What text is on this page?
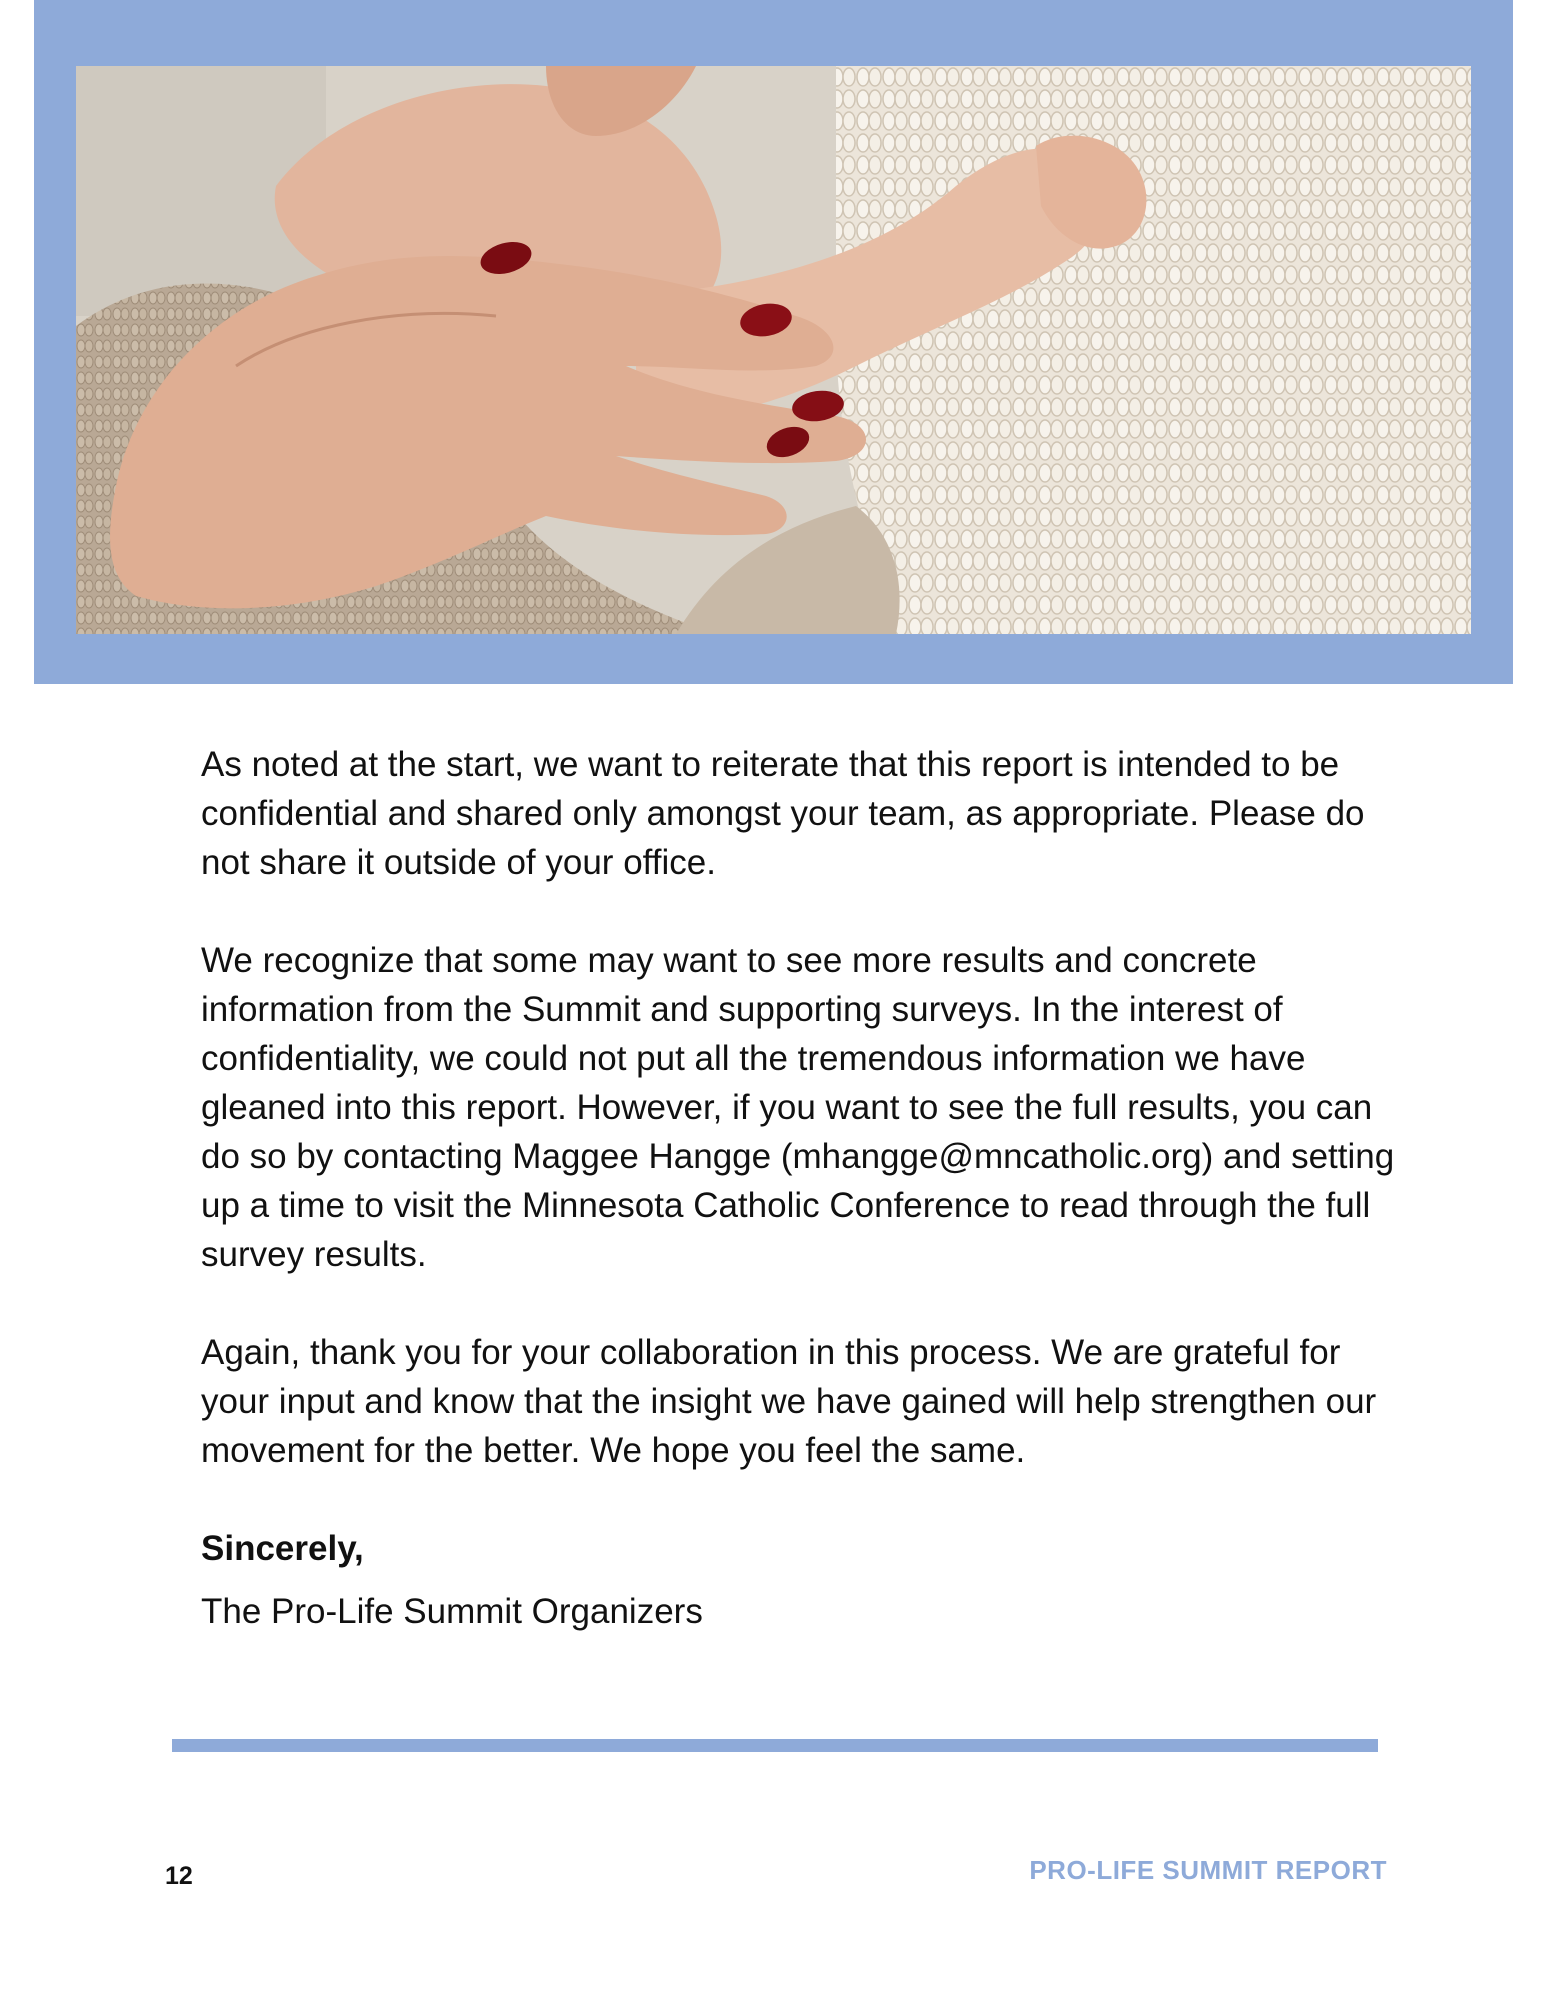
As noted at the start, we want to reiterate that this report is intended to be confidential and shared only amongst your team, as appropriate. Please do not share it outside of your office.

We recognize that some may want to see more results and concrete information from the Summit and supporting surveys. In the interest of confidentiality, we could not put all the tremendous information we have gleaned into this report. However, if you want to see the full results, you can do so by contacting Maggee Hangge (mhangge@mncatholic.org) and setting up a time to visit the Minnesota Catholic Conference to read through the full survey results.

Again, thank you for your collaboration in this process. We are grateful for your input and know that the insight we have gained will help strengthen our movement for the better. We hope you feel the same.

Sincerely,
The Pro-Life Summit Organizers
12	PRO-LIFE SUMMIT REPORT
